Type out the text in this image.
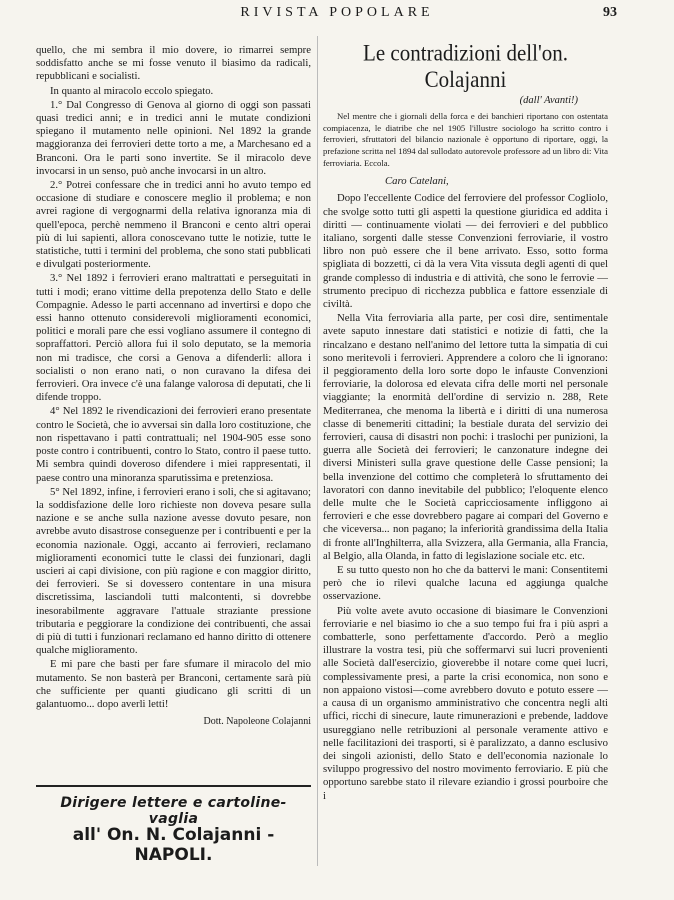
RIVISTA POPOLARE	93

quello, che mi sembra il mio dovere, io rimarrei sempre soddisfatto anche se mi fosse venuto il biasimo da radicali, repubblicani e socialisti.

In quanto al miracolo eccolo spiegato.

1.° Dal Congresso di Genova al giorno di oggi son passati quasi tredici anni; e in tredici anni le mutate condizioni spiegano il mutamento nelle opinioni. Nel 1892 la grande maggioranza dei ferrovieri dette torto a me, a Marchesano ed a Branconi. Ora le parti sono invertite. Se il miracolo deve invocarsi in un senso, può anche invocarsi in un altro.

2.° Potrei confessare che in tredici anni ho avuto tempo ed occasione di studiare e conoscere meglio il problema; e non avrei ragione di vergognarmi della relativa ignoranza mia di quell'epoca, perchè nemmeno il Branconi e cento altri operai più di lui sapienti, allora conoscevano tutte le notizie, tutte le statistiche, tutti i termini del problema, che sono stati pubblicati e divulgati posteriormente.

3.° Nel 1892 i ferrovieri erano maltrattati e perseguitati in tutti i modi; erano vittime della prepotenza dello Stato e delle Compagnie. Adesso le parti accennano ad invertirsi e dopo che essi hanno ottenuto considerevoli miglioramenti economici, politici e morali pare che essi vogliano assumere il contegno di sopraffattori. Perciò allora fui il solo deputato, se la memoria non mi tradisce, che corsi a Genova a difenderli: allora i socialisti o non erano nati, o non curavano la difesa dei ferrovieri. Ora invece c'è una falange valorosa di deputati, che li difende troppo.

4° Nel 1892 le rivendicazioni dei ferrovieri erano presentate contro le Società, che io avversai sin dalla loro costituzione, che non rispettavano i patti contrattuali; nel 1904-905 esse sono poste contro i contribuenti, contro lo Stato, contro il paese tutto. Mi sembra quindi doveroso difendere i miei rappresentati, il paese contro una minoranza sparutissima e pretenziosa.

5° Nel 1892, infine, i ferrovieri erano i soli, che si agitavano; la soddisfazione delle loro richieste non doveva pesare sulla nazione e se anche sulla nazione avesse dovuto pesare, non avrebbe avuto disastrose conseguenze per i contribuenti e per la economia nazionale. Oggi, accanto ai ferrovieri, reclamano miglioramenti economici tutte le classi dei funzionari, dagli uscieri ai capi divisione, con più ragione e con maggior diritto, dei ferrovieri. Se si dovessero contentare in una misura discretissima, lasciandoli tutti malcontenti, si dovrebbe inesorabilmente aggravare l'attuale straziante pressione tributaria e peggiorare la condizione dei contribuenti, che assai di più di tutti i funzionari reclamano ed hanno diritto di ottenere qualche miglioramento.

E mi pare che basti per fare sfumare il miracolo del mio mutamento. Se non basterà per Branconi, certamente sarà più che sufficiente per quanti giudicano gli scritti di un galantuomo... dopo averli letti!

Dott. Napoleone Colajanni

Dirigere lettere e cartoline-vaglia
all' On. N. Colajanni - NAPOLI.
Le contradizioni dell'on. Colajanni
(dall' Avanti!)

Nel mentre che i giornali della forca e dei banchieri riportano con ostentata compiacenza, le diatribe che nel 1905 l'illustre sociologo ha scritto contro i ferrovieri, sfruttatori del bilancio nazionale è opportuno di riportare, oggi, la prefazione scritta nel 1894 dal sullodato autorevole professore ad un libro di: Vita ferroviaria. Eccola.

Caro Catelani,

Dopo l'eccellente Codice del ferroviere del professor Cogliolo, che svolge sotto tutti gli aspetti la questione giuridica ed addita i diritti — continuamente violati — dei ferrovieri e del pubblico italiano, sorgenti dalle stesse Convenzioni ferroviarie, il vostro libro non può essere che il bene arrivato. Esso, sotto forma spigliata di bozzetti, ci dà la vera Vita vissuta degli agenti di quel grande complesso di industria e di attività, che sono le ferrovie — strumento precipuo di ricchezza pubblica e fattore essenziale di civiltà.

Nella Vita ferroviaria alla parte, per così dire, sentimentale avete saputo innestare dati statistici e notizie di fatti, che la rincalzano e destano nell'animo del lettore tutta la simpatia di cui sono meritevoli i ferrovieri. Apprendere a coloro che li ignorano: il peggioramento della loro sorte dopo le infauste Convenzioni ferroviarie, la dolorosa ed elevata cifra delle morti nel personale viaggiante; la enormità dell'ordine di servizio n. 288, Rete Mediterranea, che menoma la libertà e i diritti di una numerosa classe di benemeriti cittadini; la bestiale durata del servizio dei ferrovieri, causa di disastri non pochi: i traslochi per punizioni, la guerra alle Società dei ferrovieri; le canzonature indegne dei diversi Ministeri sulla grave questione delle Casse pensioni; la bella invenzione del cottimo che completerà lo sfruttamento dei lavoratori con danno inevitabile del pubblico; l'eloquente elenco delle multe che le Società capricciosamente infliggono ai ferrovieri e che esse dovrebbero pagare ai compari del Governo e che viceversa... non pagano; la inferiorità grandissima della Italia di fronte all'Inghilterra, alla Svizzera, alla Germania, alla Francia, al Belgio, alla Olanda, in fatto di legislazione sociale etc. etc.

E su tutto questo non ho che da battervi le mani: Consentitemi però che io rilevi qualche lacuna ed aggiunga qualche osservazione.

Più volte avete avuto occasione di biasimare le Convenzioni ferroviarie e nel biasimo io che a suo tempo fui fra i più aspri a combatterle, sono perfettamente d'accordo. Però a meglio illustrare la vostra tesi, più che soffermarvi sui lucri provenienti alle Società dall'esercizio, gioverebbe il notare come quei lucri, complessivamente presi, a parte la crisi economica, non sono e non appaiono vistosi—come avrebbero dovuto e potuto essere — a causa di un organismo amministrativo che concentra negli alti uffici, ricchi di sinecure, laute rimunerazioni e prebende, laddove usureggiano nelle retribuzioni al personale veramente attivo e nelle facilitazioni dei trasporti, si è paralizzato, a danno esclusivo dei singoli azionisti, dello Stato e dell'economia nazionale lo sviluppo progressivo del nostro movimento ferroviario. E più che opportuno sarebbe stato il rilevare eziandio i grossi pourboire che i
